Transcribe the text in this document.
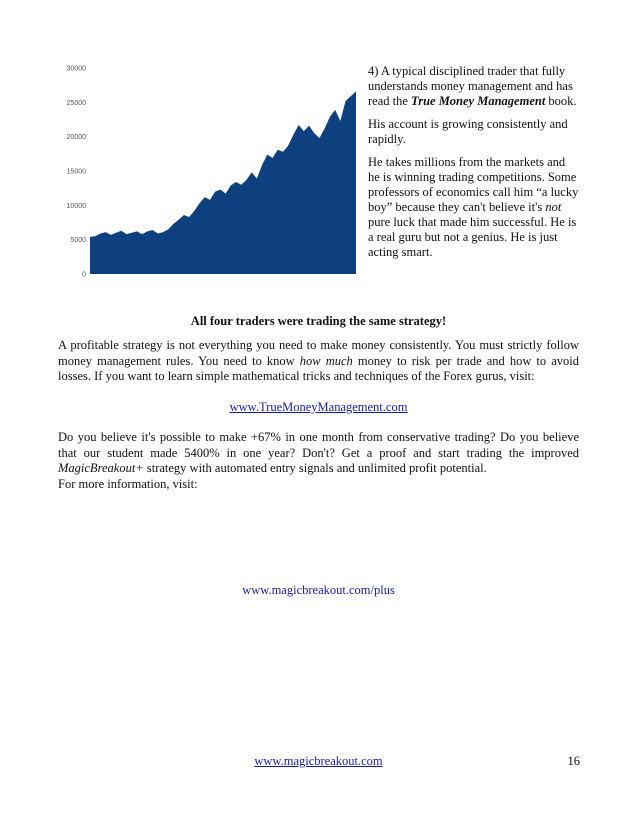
0
5000
10000
15000
20000
25000
30000	4) A typical disciplined trader that fully understands money management and has read the True Money Management book.

His account is growing consistently and rapidly.

He takes millions from the markets and he is winning trading competitions. Some professors of economics call him “a lucky boy” because they can't believe it's not pure luck that made him successful. He is a real guru but not a genius. He is just acting smart.

All four traders were trading the same strategy!

A profitable strategy is not everything you need to make money consistently. You must strictly follow money management rules. You need to know how much money to risk per trade and how to avoid losses. If you want to learn simple mathematical tricks and techniques of the Forex gurus, visit:

www.TrueMoneyManagement.com

Do you believe it's possible to make +67% in one month from conservative trading? Do you believe that our student made 5400% in one year? Don't? Get a proof and start trading the improved MagicBreakout+ strategy with automated entry signals and unlimited profit potential.

For more information, visit:

www.magicbreakout.com/plus
www.magicbreakout.com	16
